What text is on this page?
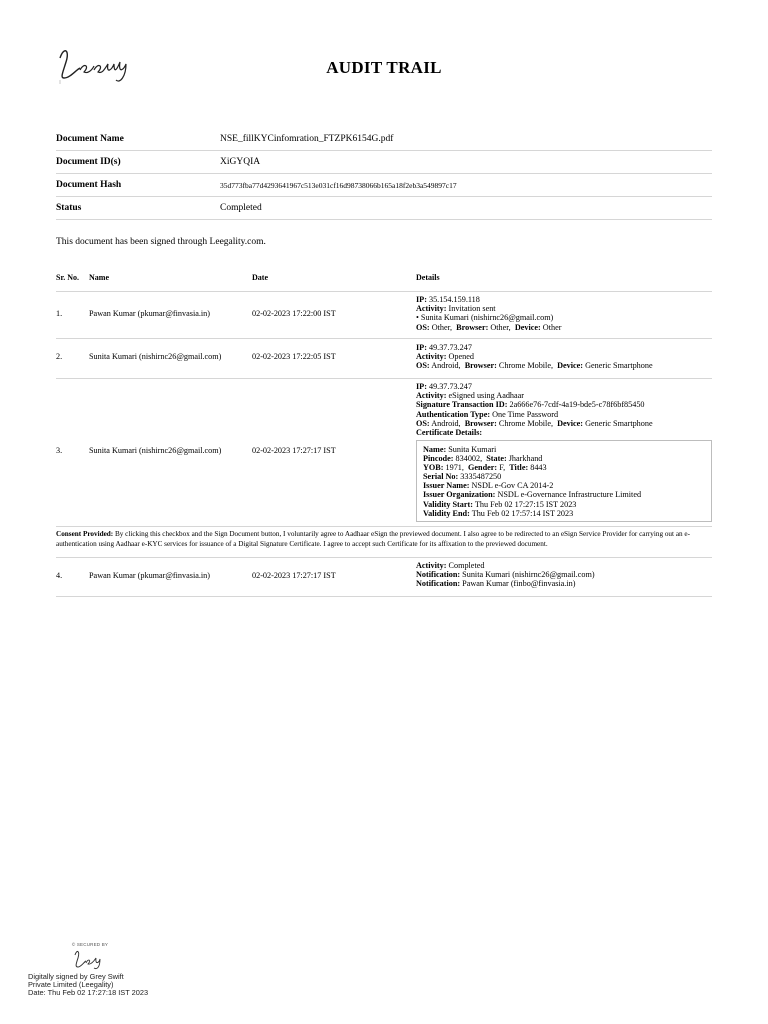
AUDIT TRAIL
Document Name	NSE_fillKYCinfomration_FTZPK6154G.pdf
Document ID(s)	XiGYQIA
Document Hash	35d773fba77d4293641967c513e031cf16d98738066b165a18f2eb3a549897c17
Status	Completed
This document has been signed through Leegality.com.
Sr. No. Name	Date	Details
1.	Pawan Kumar (pkumar@finvasia.in)	02-02-2023 17:22:00 IST
IP: 35.154.159.118
Activity: Invitation sent
• Sunita Kumari (nishirnc26@gmail.com)
OS: Other, Browser: Other, Device: Other
2.	Sunita Kumari (nishirnc26@gmail.com)	02-02-2023 17:22:05 IST
IP: 49.37.73.247
Activity: Opened
OS: Android, Browser: Chrome Mobile, Device: Generic Smartphone
3.	Sunita Kumari (nishirnc26@gmail.com)	02-02-2023 17:27:17 IST
IP: 49.37.73.247
Activity: eSigned using Aadhaar
Signature Transaction ID: 2a666e76-7cdf-4a19-bde5-c78f6bf85450
Authentication Type: One Time Password
OS: Android, Browser: Chrome Mobile, Device: Generic Smartphone
Certificate Details:
Name: Sunita Kumari
Pincode: 834002, State: Jharkhand
YOB: 1971, Gender: F, Title: 8443
Serial No: 3335487250
Issuer Name: NSDL e-Gov CA 2014-2
Issuer Organization: NSDL e-Governance Infrastructure Limited
Validity Start: Thu Feb 02 17:27:15 IST 2023
Validity End: Thu Feb 02 17:57:14 IST 2023
Consent Provided: By clicking this checkbox and the Sign Document button, I voluntarily agree to Aadhaar eSign the previewed document. I also agree to be redirected to an eSign Service Provider for carrying out an e-authentication using Aadhaar e-KYC services for issuance of a Digital Signature Certificate. I agree to accept such Certificate for its affixation to the previewed document.
4.	Pawan Kumar (pkumar@finvasia.in)	02-02-2023 17:27:17 IST
Activity: Completed
Notification: Sunita Kumari (nishirnc26@gmail.com)
Notification: Pawan Kumar (finbo@finvasia.in)
© SECURED BY
Digitally signed by Grey Swift
Private Limited (Leegality)
Date: Thu Feb 02 17:27:18 IST 2023
